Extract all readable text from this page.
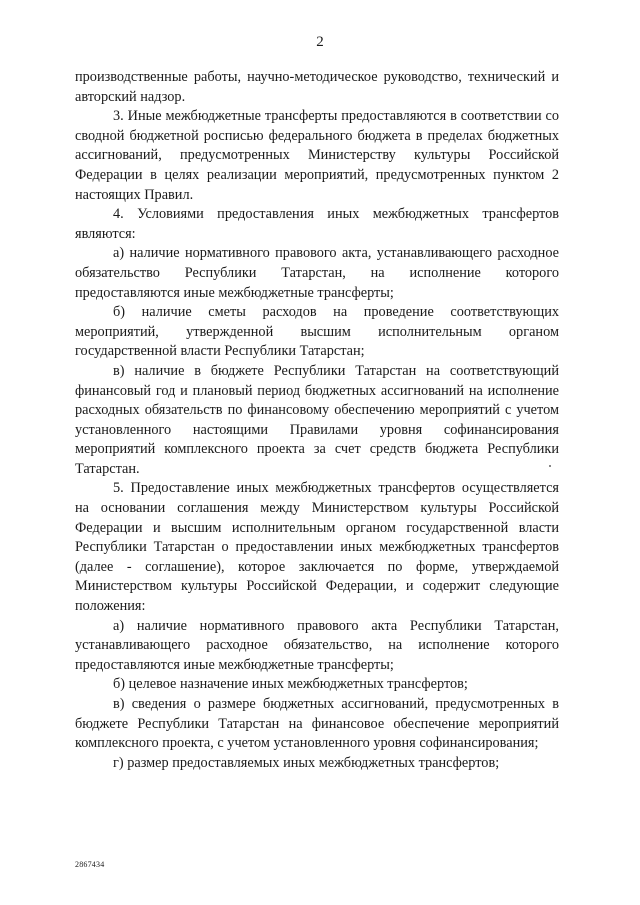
2

производственные работы, научно-методическое руководство, технический и авторский надзор.

3. Иные межбюджетные трансферты предоставляются в соответствии со сводной бюджетной росписью федерального бюджета в пределах бюджетных ассигнований, предусмотренных Министерству культуры Российской Федерации в целях реализации мероприятий, предусмотренных пунктом 2 настоящих Правил.

4. Условиями предоставления иных межбюджетных трансфертов являются:

а) наличие нормативного правового акта, устанавливающего расходное обязательство Республики Татарстан, на исполнение которого предоставляются иные межбюджетные трансферты;

б) наличие сметы расходов на проведение соответствующих мероприятий, утвержденной высшим исполнительным органом государственной власти Республики Татарстан;

в) наличие в бюджете Республики Татарстан на соответствующий финансовый год и плановый период бюджетных ассигнований на исполнение расходных обязательств по финансовому обеспечению мероприятий с учетом установленного настоящими Правилами уровня софинансирования мероприятий комплексного проекта за счет средств бюджета Республики Татарстан.

5. Предоставление иных межбюджетных трансфертов осуществляется на основании соглашения между Министерством культуры Российской Федерации и высшим исполнительным органом государственной власти Республики Татарстан о предоставлении иных межбюджетных трансфертов (далее - соглашение), которое заключается по форме, утверждаемой Министерством культуры Российской Федерации, и содержит следующие положения:

а) наличие нормативного правового акта Республики Татарстан, устанавливающего расходное обязательство, на исполнение которого предоставляются иные межбюджетные трансферты;

б) целевое назначение иных межбюджетных трансфертов;

в) сведения о размере бюджетных ассигнований, предусмотренных в бюджете Республики Татарстан на финансовое обеспечение мероприятий комплексного проекта, с учетом установленного уровня софинансирования;

г) размер предоставляемых иных межбюджетных трансфертов;

2867434
